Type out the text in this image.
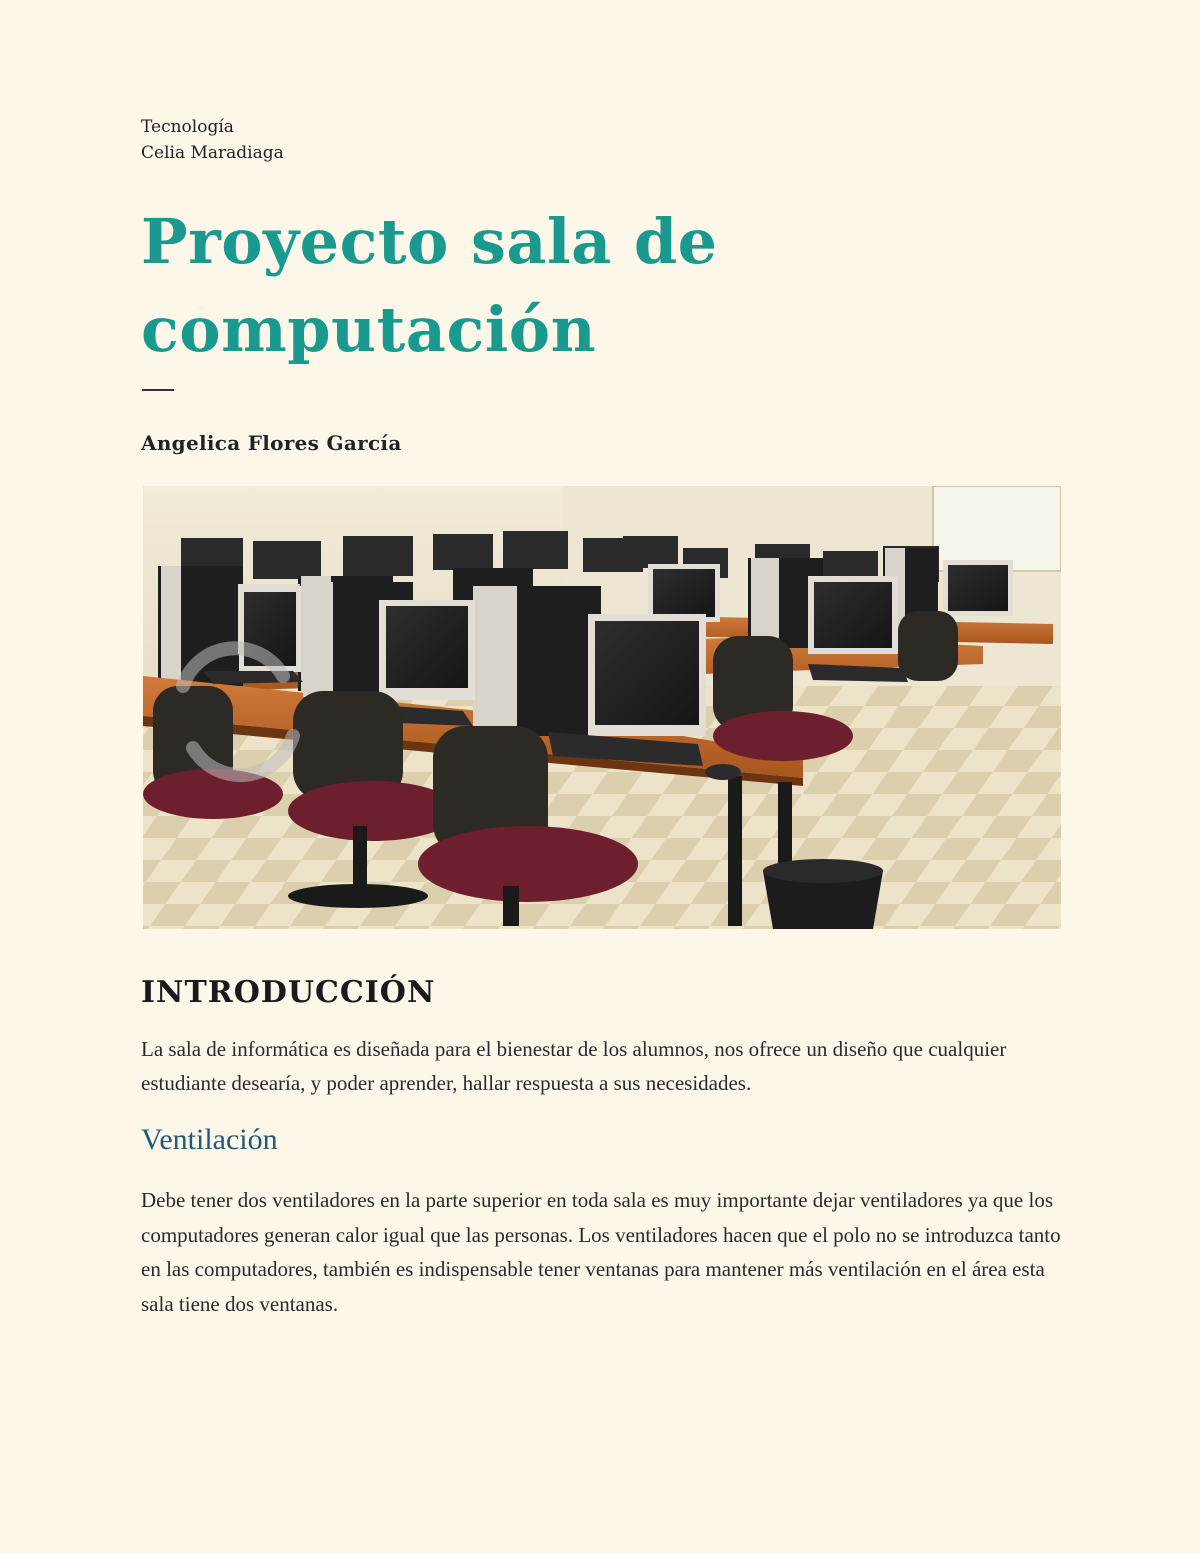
Tecnología
Celia Maradiaga
Proyecto sala de computación
Angelica Flores García
INTRODUCCIÓN

La sala de informática es diseñada para el bienestar de los alumnos, nos ofrece un diseño que cualquier estudiante desearía, y poder aprender, hallar respuesta a sus necesidades.

Ventilación

Debe tener dos ventiladores en la parte superior en toda sala es muy importante dejar ventiladores ya que los computadores generan calor igual que las personas. Los ventiladores hacen que el polo no se introduzca tanto en las computadores, también es indispensable tener ventanas para mantener más ventilación en el área esta sala tiene dos ventanas.
